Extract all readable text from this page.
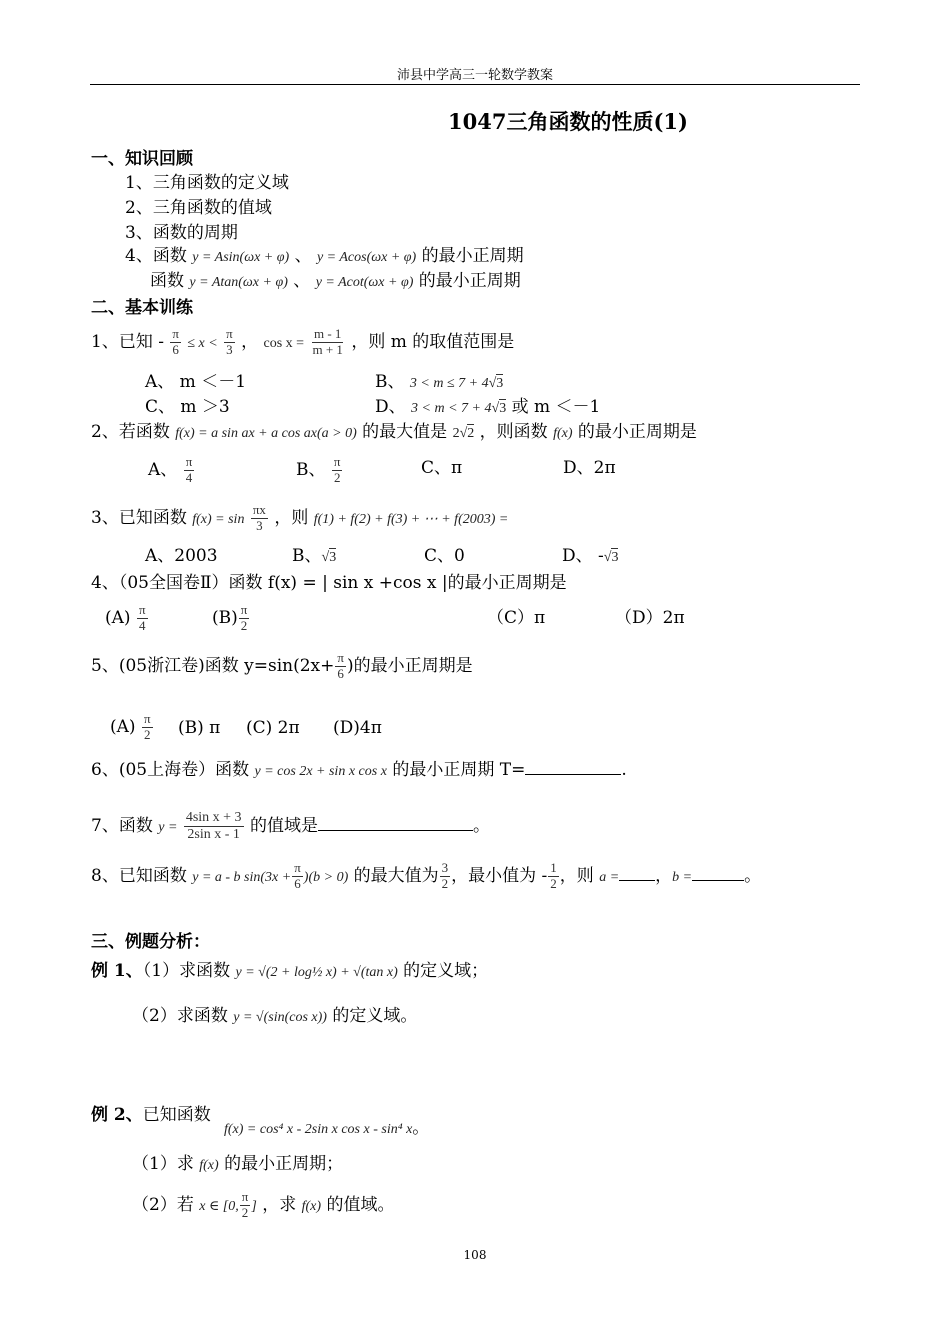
沛县中学高三一轮数学教案
1047三角函数的性质(1)
一、知识回顾
1、三角函数的定义域
2、三角函数的值域
3、函数的周期
4、函数 y = Asin(ωx + φ) 、 y = Acos(ωx + φ) 的最小正周期
函数 y = Atan(ωx + φ) 、 y = Acot(ωx + φ) 的最小正周期
二、基本训练
1、已知 - $\frac{\pi}{6} \le x < \frac{\pi}{3}$ ， $\cos x = \frac{m - 1}{m + 1}$ ，则 m 的取值范围是
A、 m ＜－1	B、 3 < m ≤ 7 + 4√3
C、 m ＞3	D、 3 < m < 7 + 4√3 或 m ＜－1
2、若函数 f(x) = a sin ax + a cos ax(a > 0) 的最大值是 2√2 ，则函数 f(x) 的最小正周期是
A、 $\frac{\pi}{4}$	B、 $\frac{\pi}{2}$	C、π	D、2π
3、已知函数 $f(x) = \sin \frac{\pi x}{3}$ ，则 f(1) + f(2) + f(3) + ⋯ + f(2003) =
A、2003	B、√3	C、0	D、 -√3
4、（05全国卷Ⅱ）函数 f(x) = | sin x +cos x |的最小正周期是
$(A) \frac{\pi}{4}$	$(B) \frac{\pi}{2}$	（C）π	（D）2π
5、(05浙江卷)函数 $y=\sin(2x+ \frac{\pi}{6}$ )的最小正周期是
$(A) \frac{\pi}{2} (B)$ π (C) 2π (D)4π
6、(05上海卷）函数 y = cos 2x + sin x cos x 的最小正周期 T=	.
7、函数 $y = \frac{\text{4sin x + 3}}{\text{2sin x - 1}}$ 的值域是	。
8、已知函数 y = a - b $\sin(3x + \frac{\pi}{6} )(b > 0)$ 的最大值为 $\frac{3}{2}$ ，最小值为 - $\frac{1}{2}$ ，则 a = ，b =	。
三、例题分析：
例 1、（1）求函数 y = √(2 + log½ x) + √(tan x) 的定义域；
（2）求函数 y = √(sin(cos x)) 的定义域。
例 2、已知函数
f(x) = cos⁴ x - 2sin x cos x - sin⁴ x。
（1）求 f(x) 的最小正周期；
（2）若 x ∈ [0, $\frac{\pi}{2}$ ] ，求 f(x) 的值域。
108
